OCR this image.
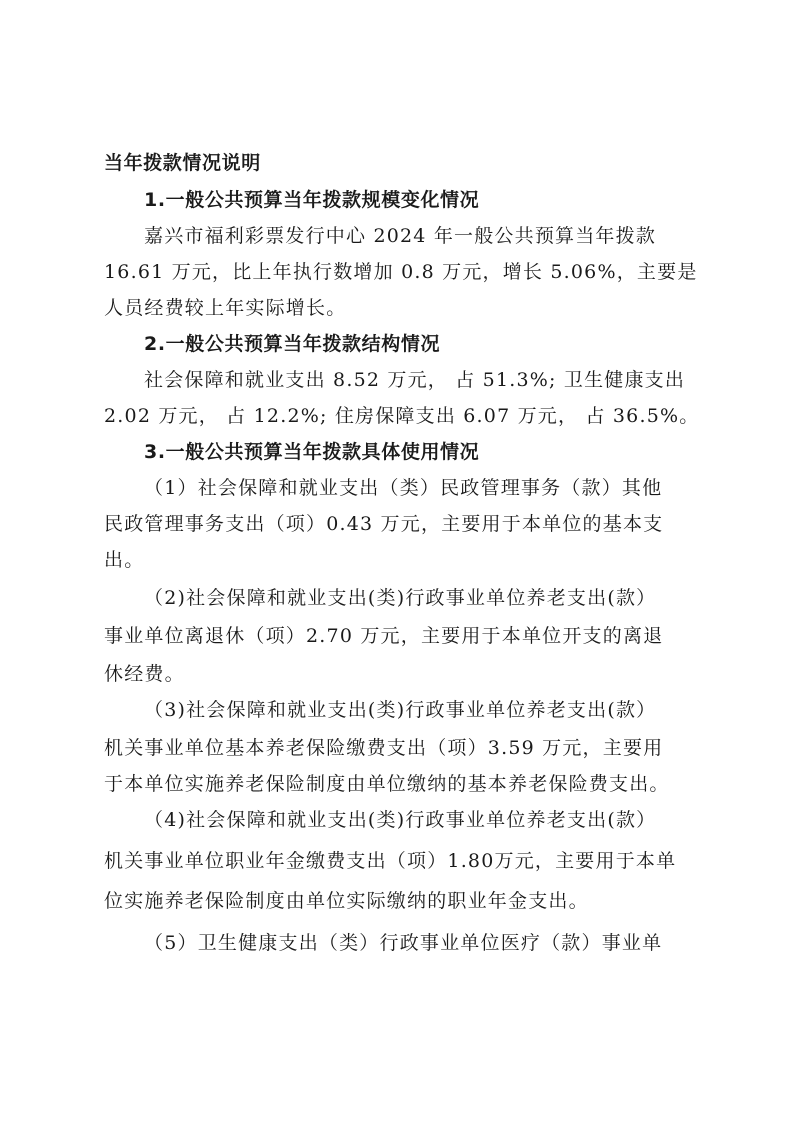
当年拨款情况说明

1.一般公共预算当年拨款规模变化情况

嘉兴市福利彩票发行中心 2024 年一般公共预算当年拨款

16.61 万元，比上年执行数增加 0.8 万元，增长 5.06%，主要是

人员经费较上年实际增长。

2.一般公共预算当年拨款结构情况

社会保障和就业支出 8.52 万元， 占 51.3%; 卫生健康支出

2.02 万元， 占 12.2%; 住房保障支出 6.07 万元， 占 36.5%。

3.一般公共预算当年拨款具体使用情况

（1）社会保障和就业支出（类）民政管理事务（款）其他

民政管理事务支出（项）0.43 万元，主要用于本单位的基本支

出。

（2)社会保障和就业支出(类)行政事业单位养老支出(款）

事业单位离退休（项）2.70 万元，主要用于本单位开支的离退

休经费。

（3)社会保障和就业支出(类)行政事业单位养老支出(款）

机关事业单位基本养老保险缴费支出（项）3.59 万元，主要用

于本单位实施养老保险制度由单位缴纳的基本养老保险费支出。

（4)社会保障和就业支出(类)行政事业单位养老支出(款）

机关事业单位职业年金缴费支出（项）1.80万元，主要用于本单

位实施养老保险制度由单位实际缴纳的职业年金支出。

（5）卫生健康支出（类）行政事业单位医疗（款）事业单
